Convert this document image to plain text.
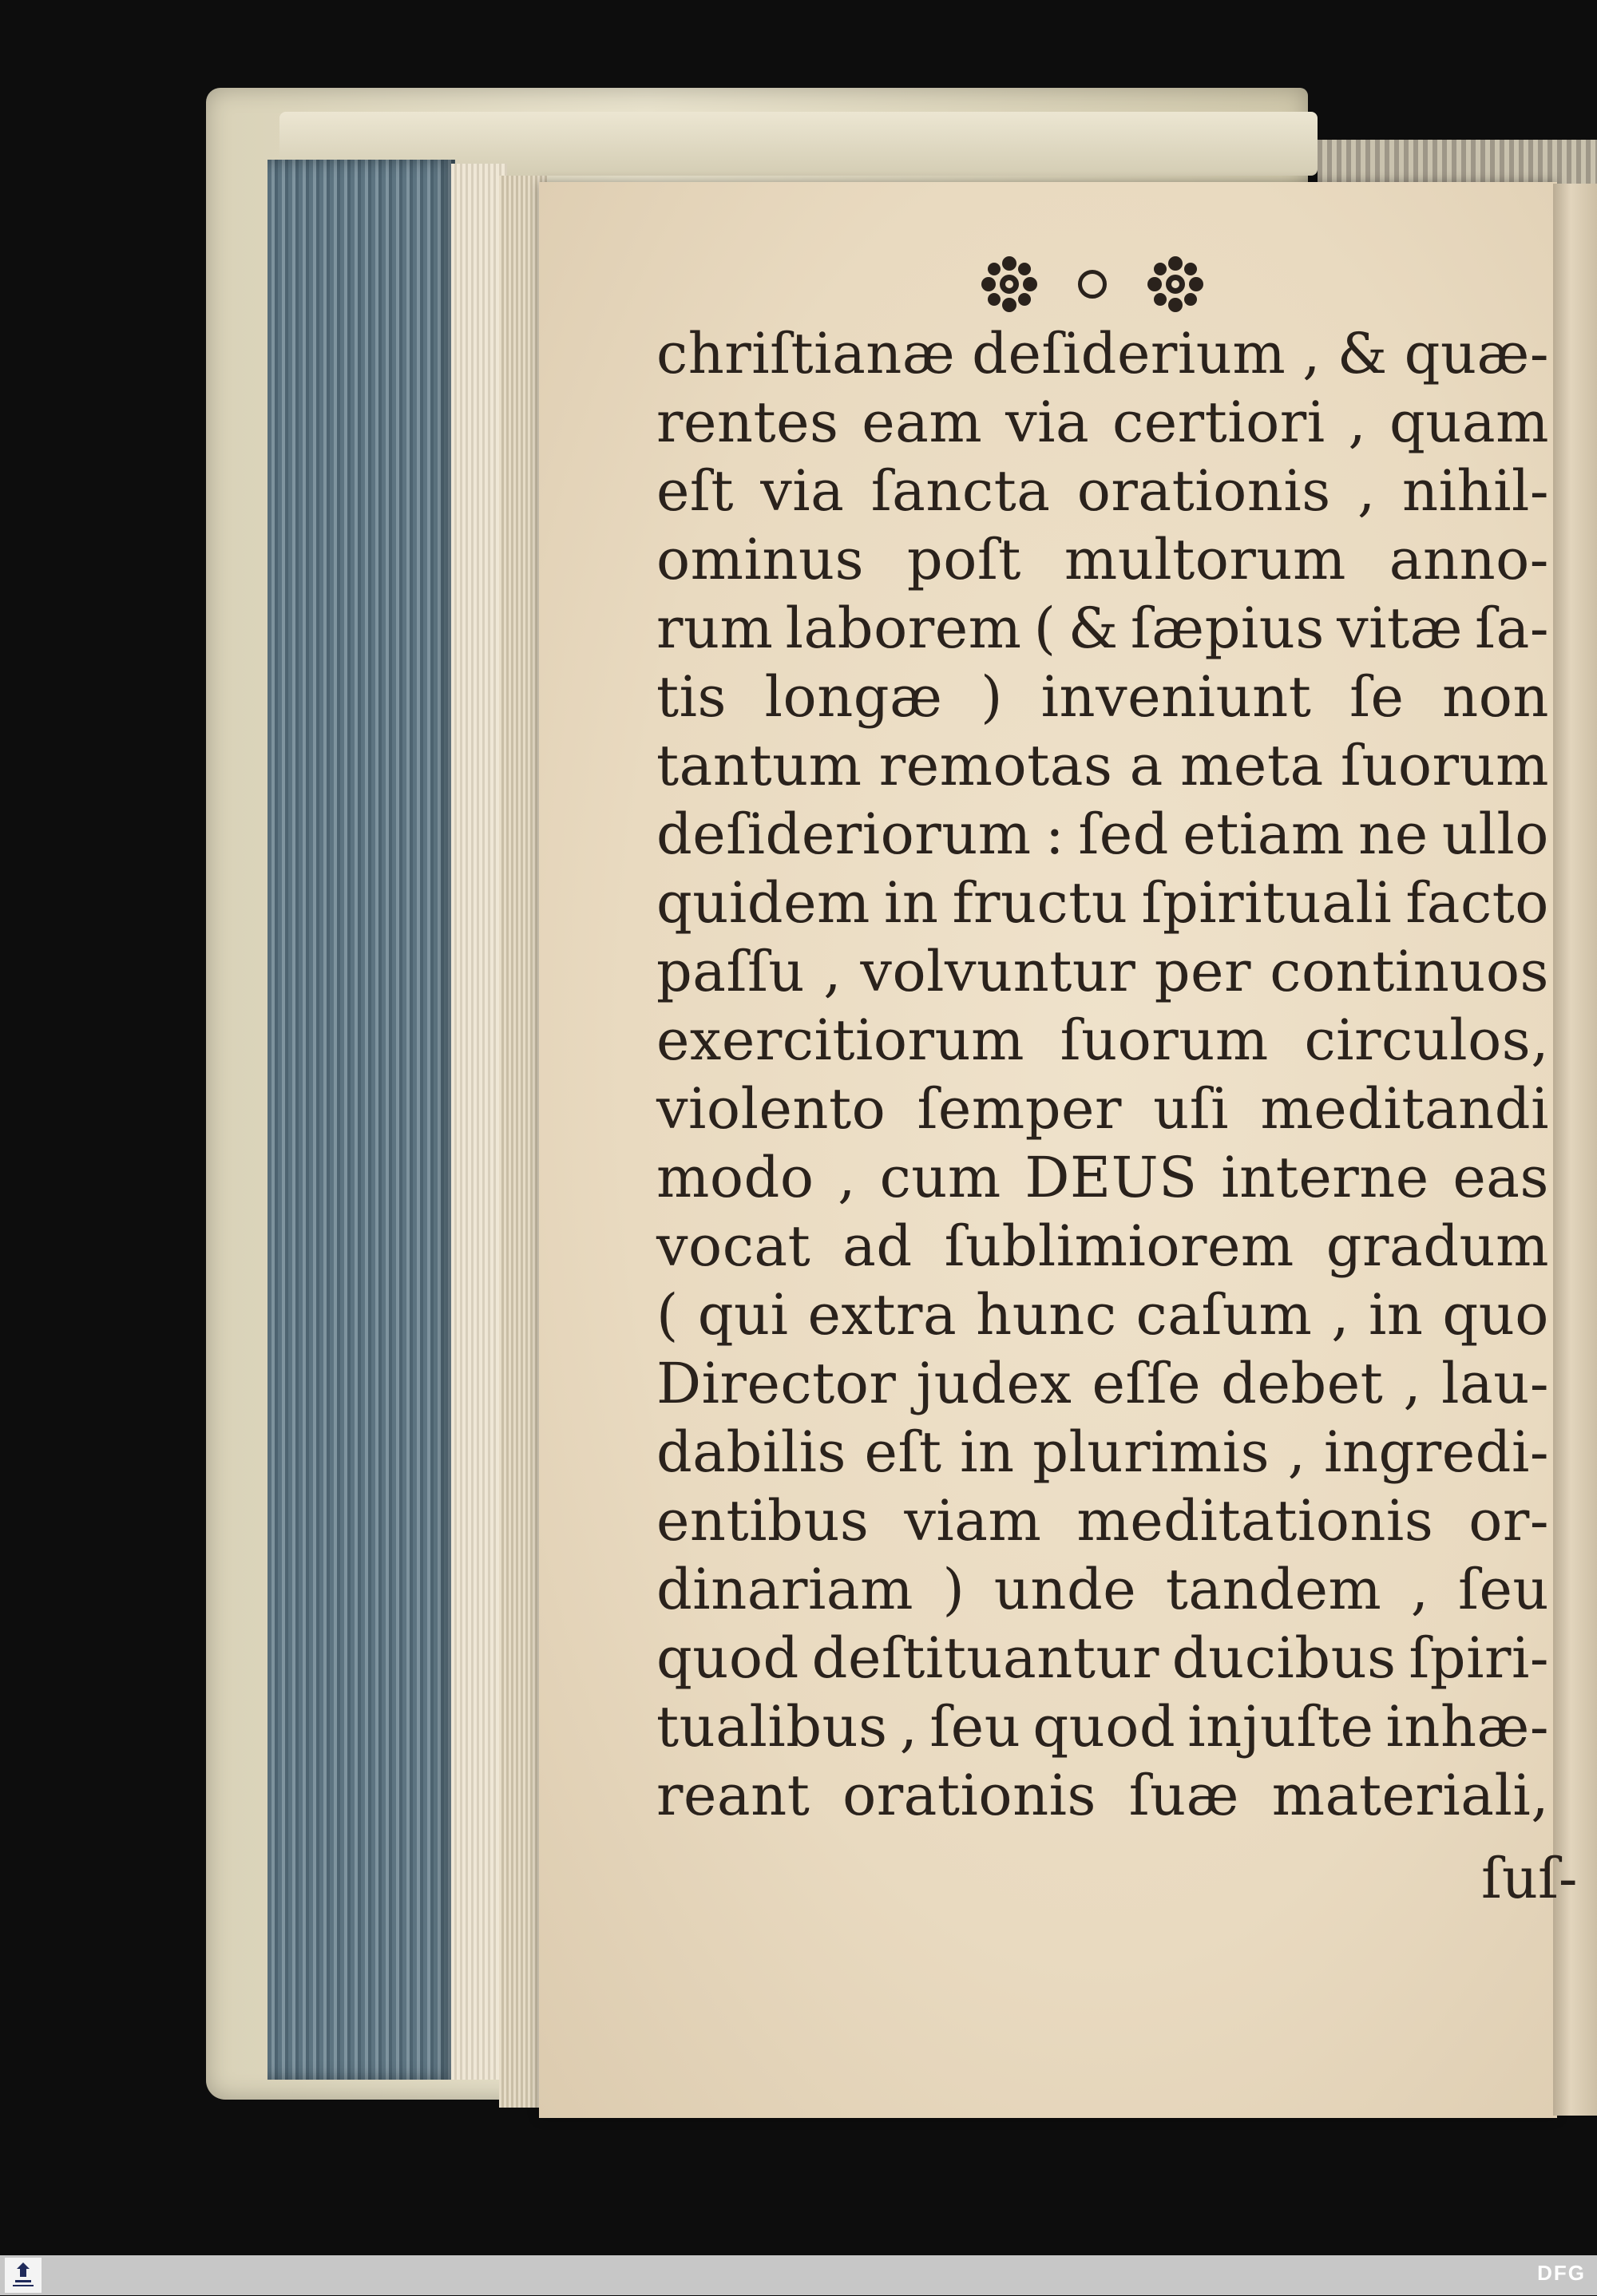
chriſtianæ deſiderium , & quæ-
rentes eam via certiori , quam
eſt via ſancta orationis , nihil-
ominus poſt multorum anno-
rum laborem ( & ſæpius vitæ ſa-
tis longæ ) inveniunt ſe non
tantum remotas a meta ſuorum
deſideriorum : ſed etiam ne ullo
quidem in fructu ſpirituali facto
paſſu , volvuntur per continuos
exercitiorum ſuorum circulos,
violento ſemper uſi meditandi
modo , cum DEUS interne eas
vocat ad ſublimiorem gradum
( qui extra hunc caſum , in quo
Director judex eſſe debet , lau-
dabilis eſt in plurimis , ingredi-
entibus viam meditationis or-
dinariam ) unde tandem , ſeu
quod deſtituantur ducibus ſpiri-
tualibus , ſeu quod injuſte inhæ-
reant orationis ſuæ materiali,
ſuſ-
DFG
